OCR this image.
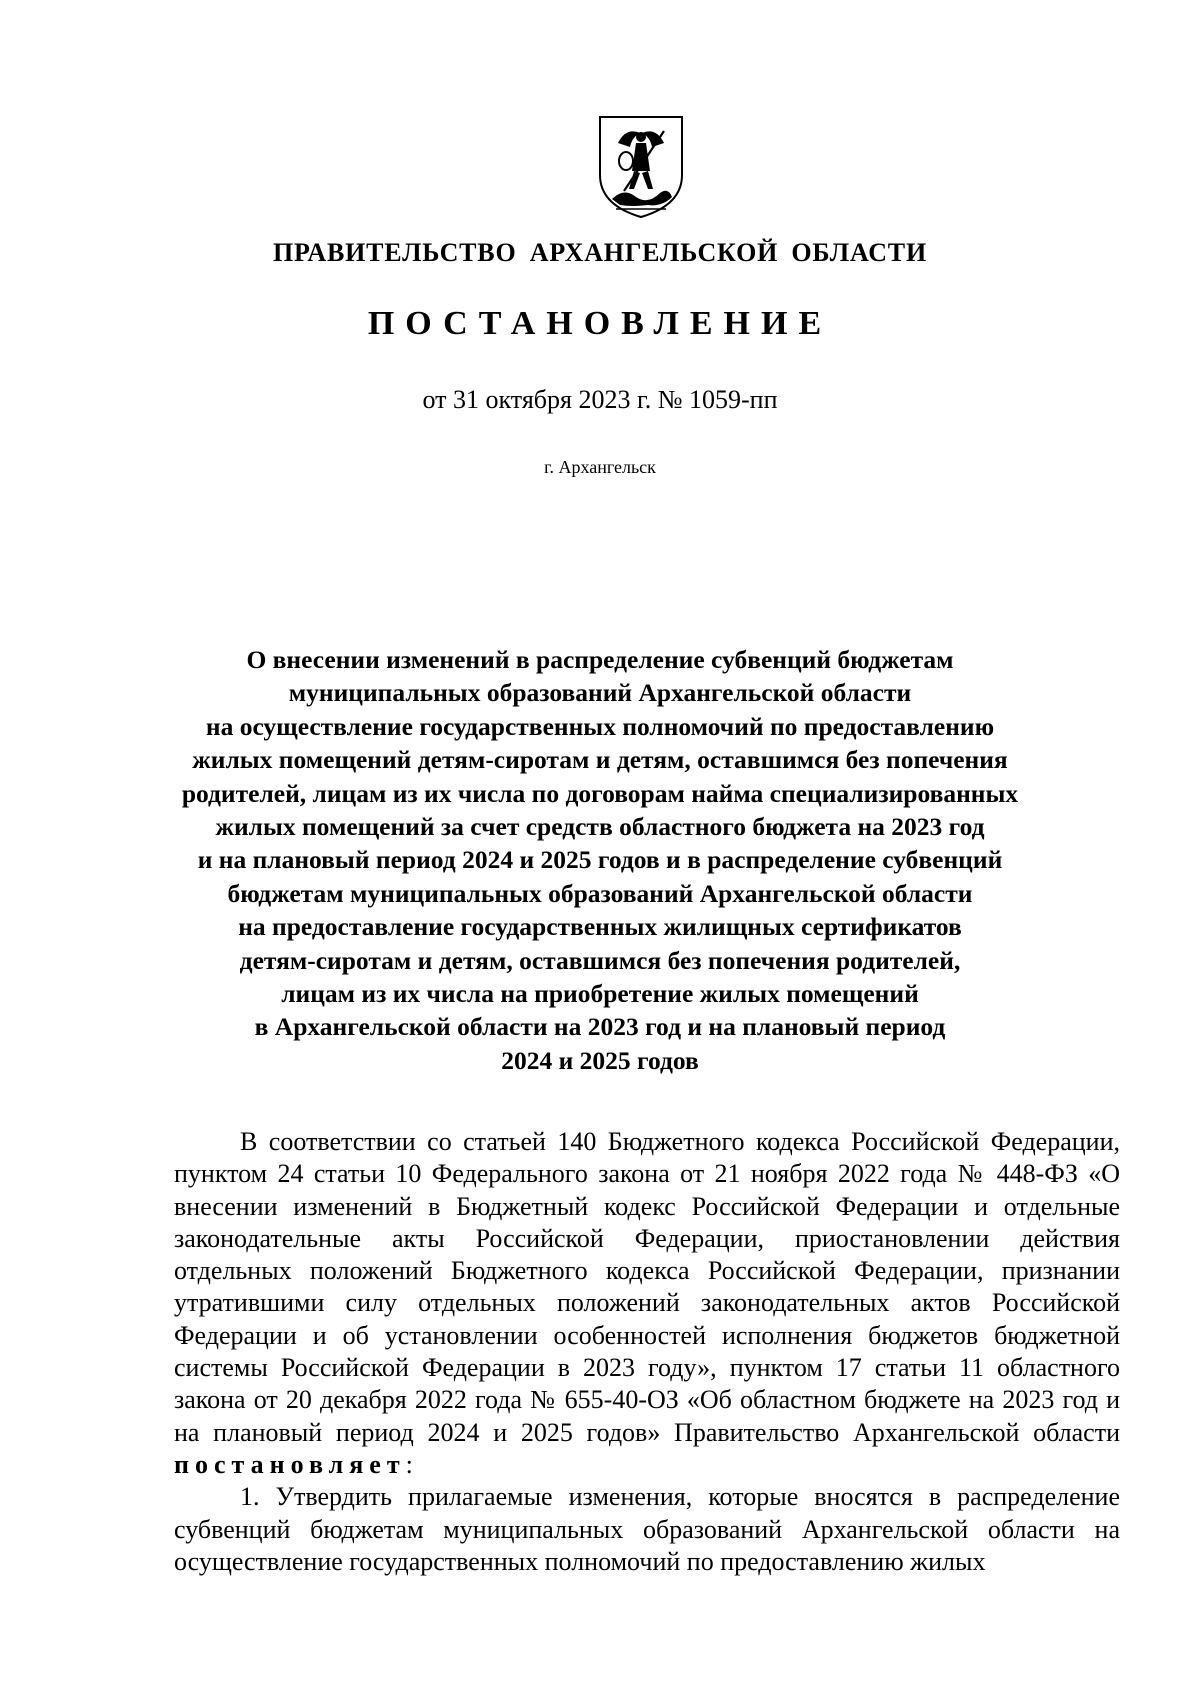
ПРАВИТЕЛЬСТВО АРХАНГЕЛЬСКОЙ ОБЛАСТИ
ПОСТАНОВЛЕНИЕ
от 31 октября 2023 г. № 1059-пп
г. Архангельск
О внесении изменений в распределение субвенций бюджетам
муниципальных образований Архангельской области
на осуществление государственных полномочий по предоставлению
жилых помещений детям-сиротам и детям, оставшимся без попечения
родителей, лицам из их числа по договорам найма специализированных
жилых помещений за счет средств областного бюджета на 2023 год
и на плановый период 2024 и 2025 годов и в распределение субвенций
бюджетам муниципальных образований Архангельской области
на предоставление государственных жилищных сертификатов
детям-сиротам и детям, оставшимся без попечения родителей,
лицам из их числа на приобретение жилых помещений
в Архангельской области на 2023 год и на плановый период
2024 и 2025 годов

В соответствии со статьей 140 Бюджетного кодекса Российской Федерации, пунктом 24 статьи 10 Федерального закона от 21 ноября 2022 года № 448-ФЗ «О внесении изменений в Бюджетный кодекс Российской Федерации и отдельные законодательные акты Российской Федерации, приостановлении действия отдельных положений Бюджетного кодекса Российской Федерации, признании утратившими силу отдельных положений законодательных актов Российской Федерации и об установлении особенностей исполнения бюджетов бюджетной системы Российской Федерации в 2023 году», пунктом 17 статьи 11 областного закона от 20 декабря 2022 года № 655-40-ОЗ «Об областном бюджете на 2023 год и на плановый период 2024 и 2025 годов» Правительство Архангельской области постановляет:

1. Утвердить прилагаемые изменения, которые вносятся в распределение субвенций бюджетам муниципальных образований Архангельской области на осуществление государственных полномочий по предоставлению жилых
